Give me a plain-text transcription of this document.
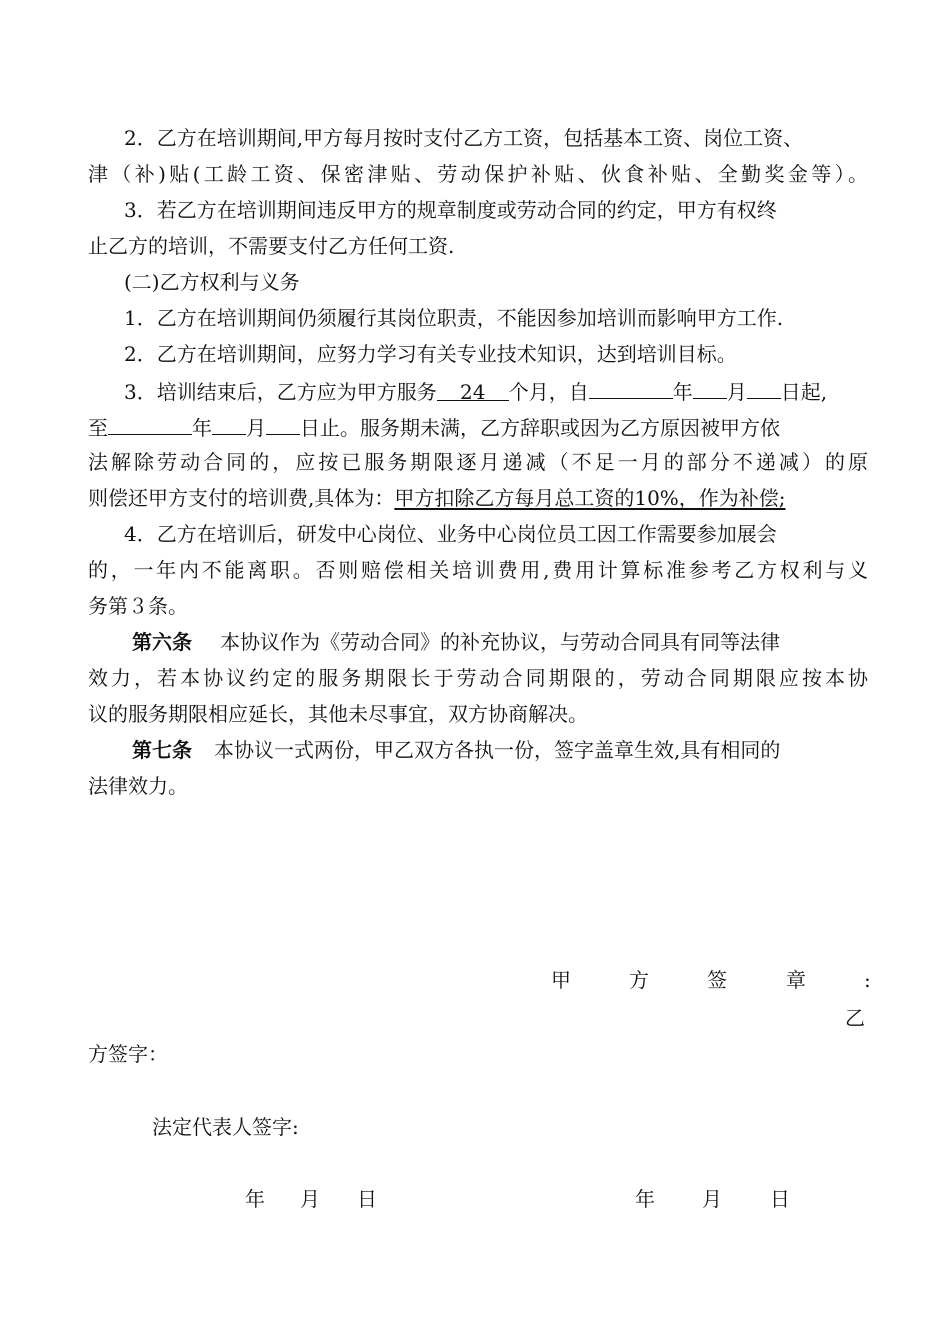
2．乙方在培训期间,甲方每月按时支付乙方工资，包括基本工资、岗位工资、

津（补)贴(工龄工资、保密津贴、劳动保护补贴、伙食补贴、全勤奖金等）。

3．若乙方在培训期间违反甲方的规章制度或劳动合同的约定，甲方有权终

止乙方的培训，不需要支付乙方任何工资.

(二)乙方权利与义务

1．乙方在培训期间仍须履行其岗位职责，不能因参加培训而影响甲方工作.

2．乙方在培训期间，应努力学习有关专业技术知识，达到培训目标。

3．培训结束后，乙方应为甲方服务 24 个月，自	年 月 日起,

至	年 月 日止。服务期未满，乙方辞职或因为乙方原因被甲方依

法解除劳动合同的，应按已服务期限逐月递减（不足一月的部分不递减）的原

则偿还甲方支付的培训费,具体为：甲方扣除乙方每月总工资的10%，作为补偿;

4．乙方在培训后，研发中心岗位、业务中心岗位员工因工作需要参加展会

的，一年内不能离职。否则赔偿相关培训费用,费用计算标准参考乙方权利与义

务第３条。

第六条 本协议作为《劳动合同》的补充协议，与劳动合同具有同等法律

效力，若本协议约定的服务期限长于劳动合同期限的，劳动合同期限应按本协

议的服务期限相应延长，其他未尽事宜，双方协商解决。

第七条 本协议一式两份，甲乙双方各执一份，签字盖章生效,具有相同的

法律效力。

甲	方	签	章	:
乙
方签字：
法定代表人签字:
年 月 日	年 月 日
